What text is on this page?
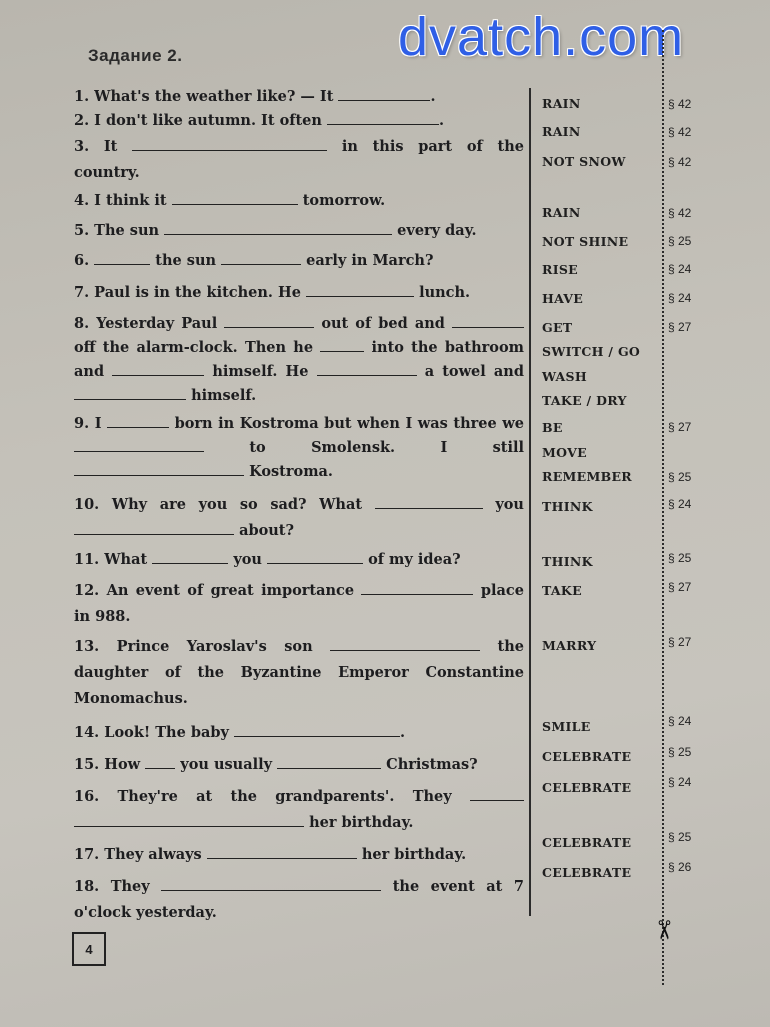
dvatch.com
Задание 2.
✂
1. What's the weather like? — It	.	RAIN	§ 42
2. I don't like autumn. It often	.
RAIN	§ 42
3. It	in this part of the country.
NOT SNOW	§ 42
4. I think it	tomorrow.
RAIN	§ 42
5. The sun	every day.
NOT SHINE	§ 25
6.	the sun	early in March?
RISE	§ 24
7. Paul is in the kitchen. He	lunch.	HAVE	§ 24
8. Yesterday Paul	out of bed and  off the alarm-clock. Then he	into the bathroom and	himself. He	a towel and  himself.
GET	§ 27
SWITCH / GO
WASH
TAKE / DRY
9. I	born in Kostroma but when I was three we  to Smolensk. I still  Kostroma.
BE	§ 27
MOVE
REMEMBER	§ 25
10. Why are you so sad? What	you  about?
THINK	§ 24
11. What	you	of my idea?	THINK	§ 25
12. An event of great importance	place in 988.
TAKE	§ 27
13. Prince Yaroslav's son	the daughter of the Byzantine Emperor Constantine Monomachus.
MARRY	§ 27
14. Look! The baby	.	SMILE	§ 24
15. How	you usually	Christmas?	CELEBRATE	§ 25
16. They're at the grandparents'. They   her birthday.
CELEBRATE	§ 24
17. They always	her birthday.
CELEBRATE	§ 25
18. They	the event at 7 o'clock yesterday.
CELEBRATE	§ 26
4
